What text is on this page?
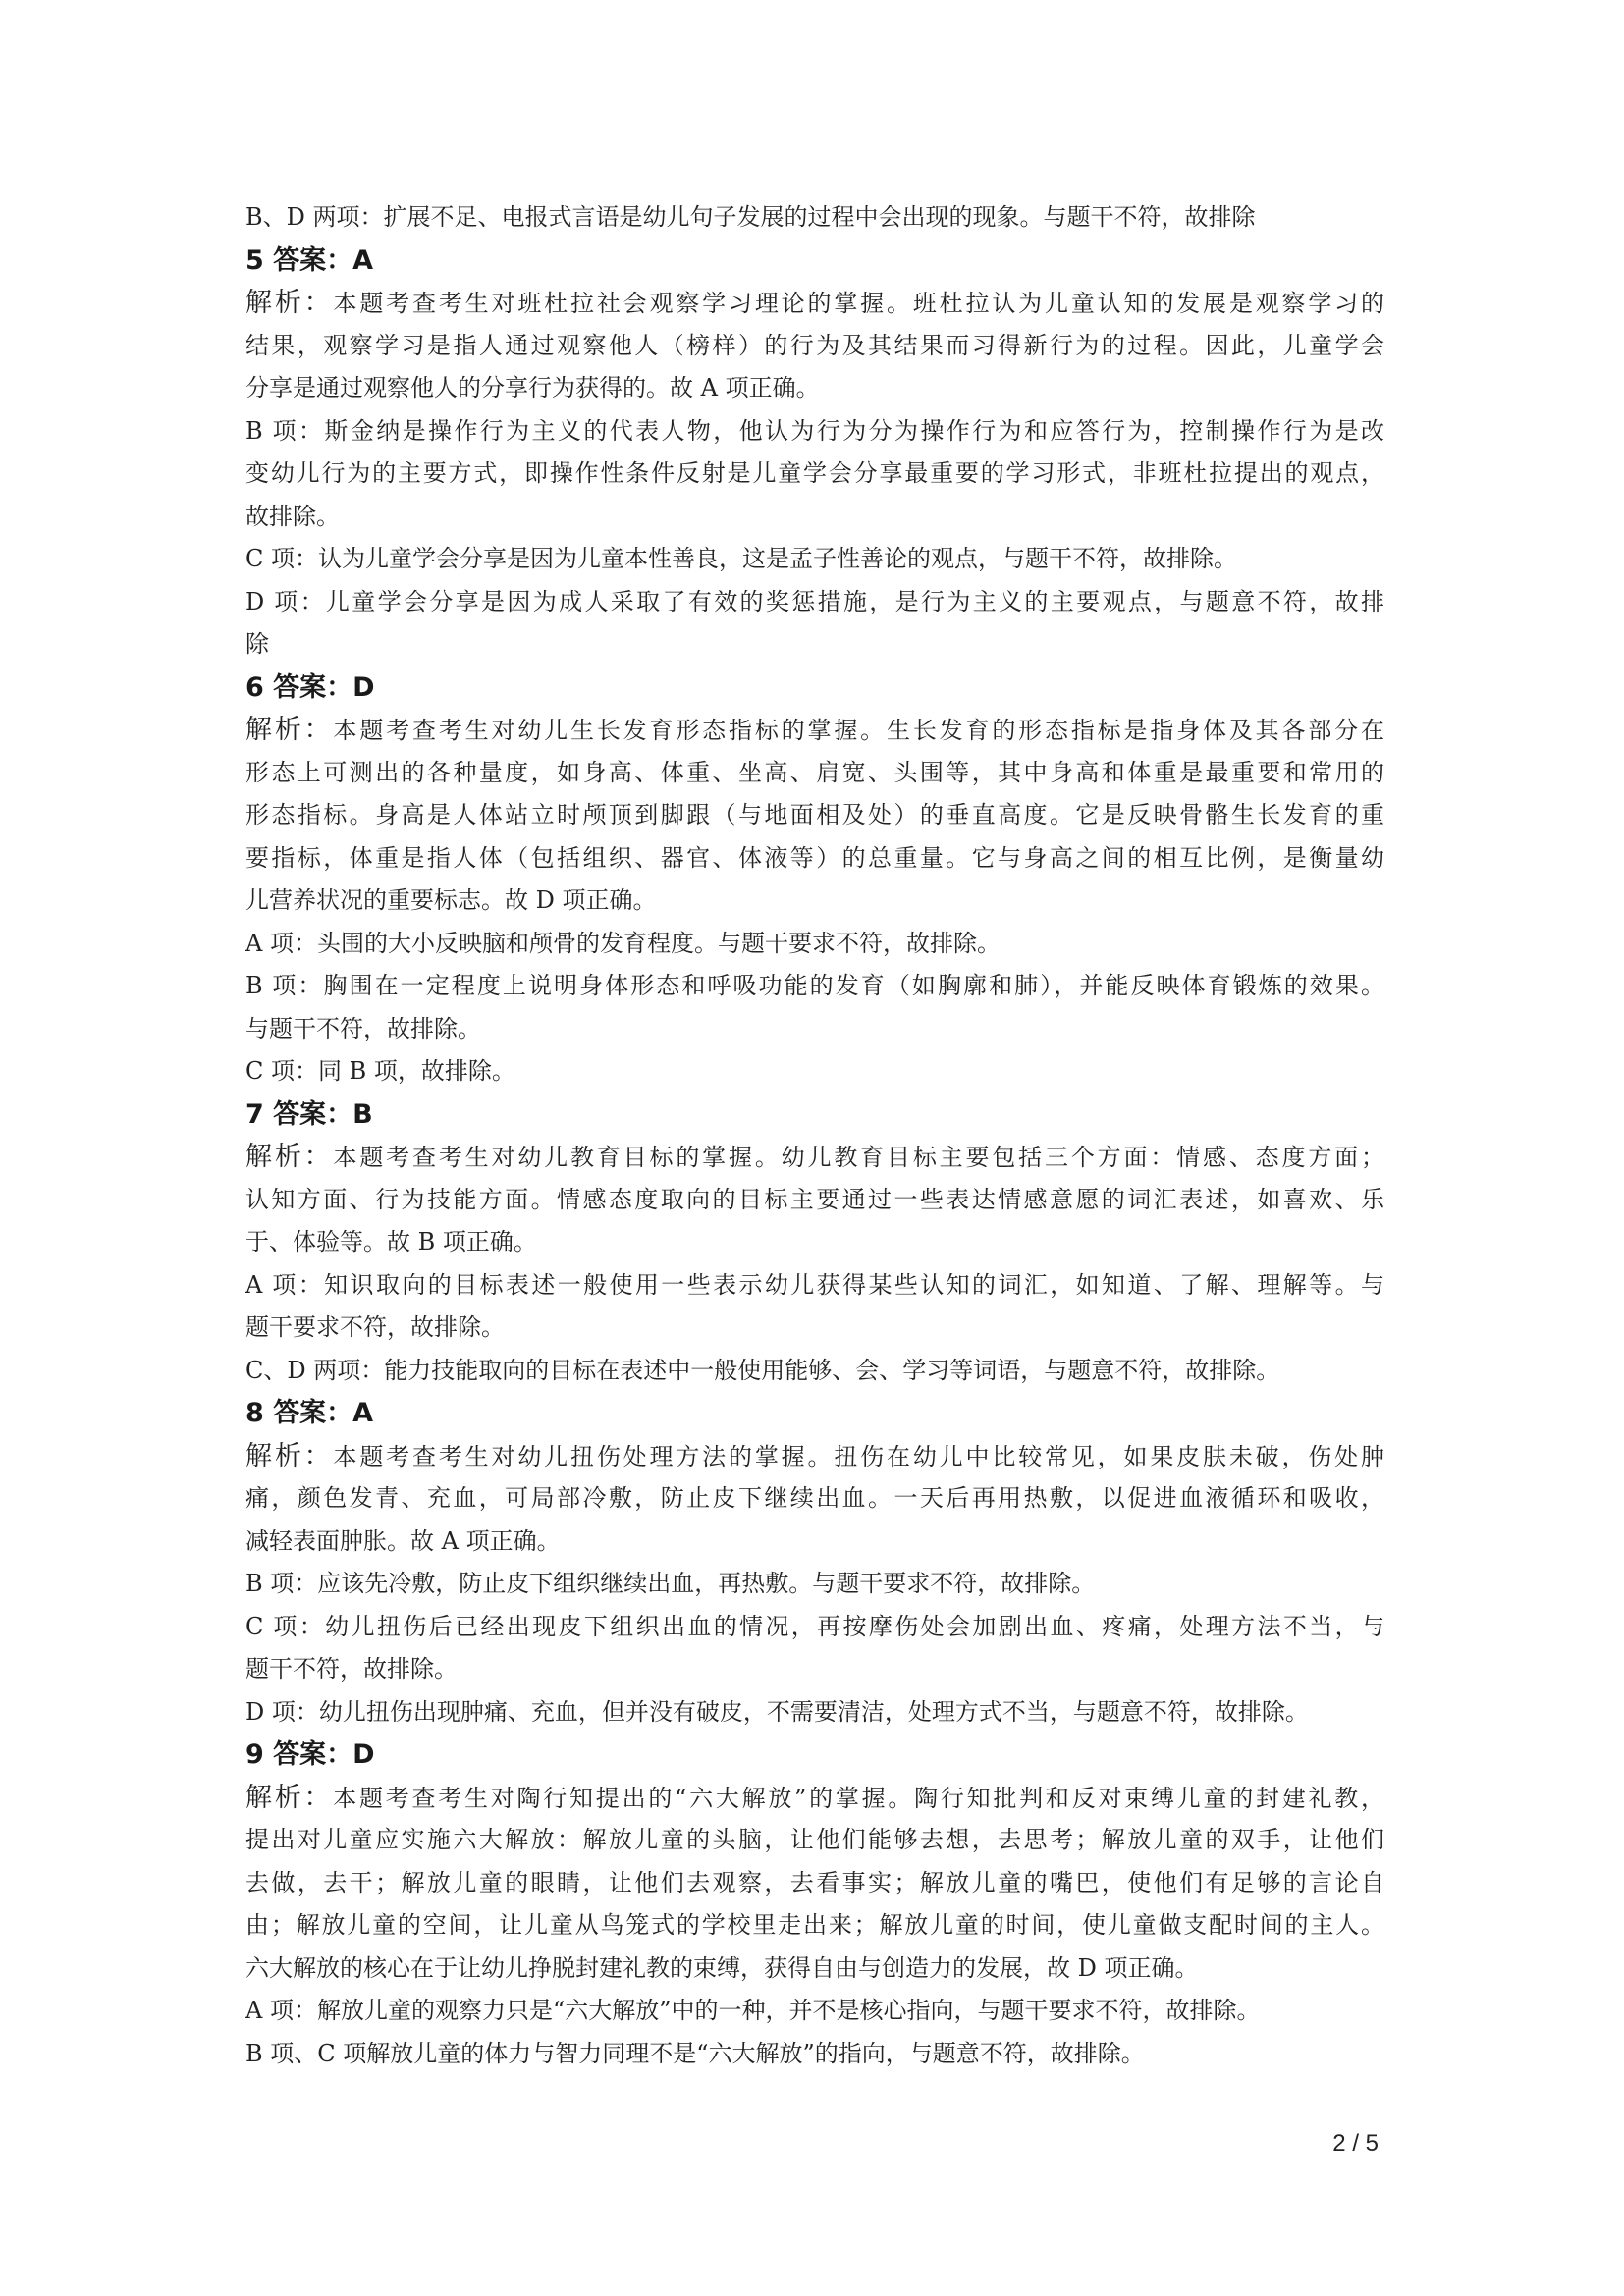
B、D 两项：扩展不足、电报式言语是幼儿句子发展的过程中会出现的现象。与题干不符，故排除
5 答案：A
解析：本题考查考生对班杜拉社会观察学习理论的掌握。班杜拉认为儿童认知的发展是观察学习的
结果，观察学习是指人通过观察他人（榜样）的行为及其结果而习得新行为的过程。因此，儿童学会
分享是通过观察他人的分享行为获得的。故 A 项正确。
B 项：斯金纳是操作行为主义的代表人物，他认为行为分为操作行为和应答行为，控制操作行为是改
变幼儿行为的主要方式，即操作性条件反射是儿童学会分享最重要的学习形式，非班杜拉提出的观点，
故排除。
C 项：认为儿童学会分享是因为儿童本性善良，这是孟子性善论的观点，与题干不符，故排除。
D 项：儿童学会分享是因为成人采取了有效的奖惩措施，是行为主义的主要观点，与题意不符，故排
除
6 答案：D
解析：本题考查考生对幼儿生长发育形态指标的掌握。生长发育的形态指标是指身体及其各部分在
形态上可测出的各种量度，如身高、体重、坐高、肩宽、头围等，其中身高和体重是最重要和常用的
形态指标。身高是人体站立时颅顶到脚跟（与地面相及处）的垂直高度。它是反映骨骼生长发育的重
要指标，体重是指人体（包括组织、器官、体液等）的总重量。它与身高之间的相互比例，是衡量幼
儿营养状况的重要标志。故 D 项正确。
A 项：头围的大小反映脑和颅骨的发育程度。与题干要求不符，故排除。
B 项：胸围在一定程度上说明身体形态和呼吸功能的发育（如胸廓和肺），并能反映体育锻炼的效果。
与题干不符，故排除。
C 项：同 B 项，故排除。
7 答案：B
解析：本题考查考生对幼儿教育目标的掌握。幼儿教育目标主要包括三个方面：情感、态度方面；
认知方面、行为技能方面。情感态度取向的目标主要通过一些表达情感意愿的词汇表述，如喜欢、乐
于、体验等。故 B 项正确。
A 项：知识取向的目标表述一般使用一些表示幼儿获得某些认知的词汇，如知道、了解、理解等。与
题干要求不符，故排除。
C、D 两项：能力技能取向的目标在表述中一般使用能够、会、学习等词语，与题意不符，故排除。
8 答案：A
解析：本题考查考生对幼儿扭伤处理方法的掌握。扭伤在幼儿中比较常见，如果皮肤未破，伤处肿
痛，颜色发青、充血，可局部冷敷，防止皮下继续出血。一天后再用热敷，以促进血液循环和吸收，
减轻表面肿胀。故 A 项正确。
B 项：应该先冷敷，防止皮下组织继续出血，再热敷。与题干要求不符，故排除。
C 项：幼儿扭伤后已经出现皮下组织出血的情况，再按摩伤处会加剧出血、疼痛，处理方法不当，与
题干不符，故排除。
D 项：幼儿扭伤出现肿痛、充血，但并没有破皮，不需要清洁，处理方式不当，与题意不符，故排除。
9 答案：D
解析：本题考查考生对陶行知提出的“六大解放”的掌握。陶行知批判和反对束缚儿童的封建礼教，
提出对儿童应实施六大解放：解放儿童的头脑，让他们能够去想，去思考；解放儿童的双手，让他们
去做，去干；解放儿童的眼睛，让他们去观察，去看事实；解放儿童的嘴巴，使他们有足够的言论自
由；解放儿童的空间，让儿童从鸟笼式的学校里走出来；解放儿童的时间，使儿童做支配时间的主人。
六大解放的核心在于让幼儿挣脱封建礼教的束缚，获得自由与创造力的发展，故 D 项正确。
A 项：解放儿童的观察力只是“六大解放”中的一种，并不是核心指向，与题干要求不符，故排除。
B 项、C 项解放儿童的体力与智力同理不是“六大解放”的指向，与题意不符，故排除。
2 / 5
